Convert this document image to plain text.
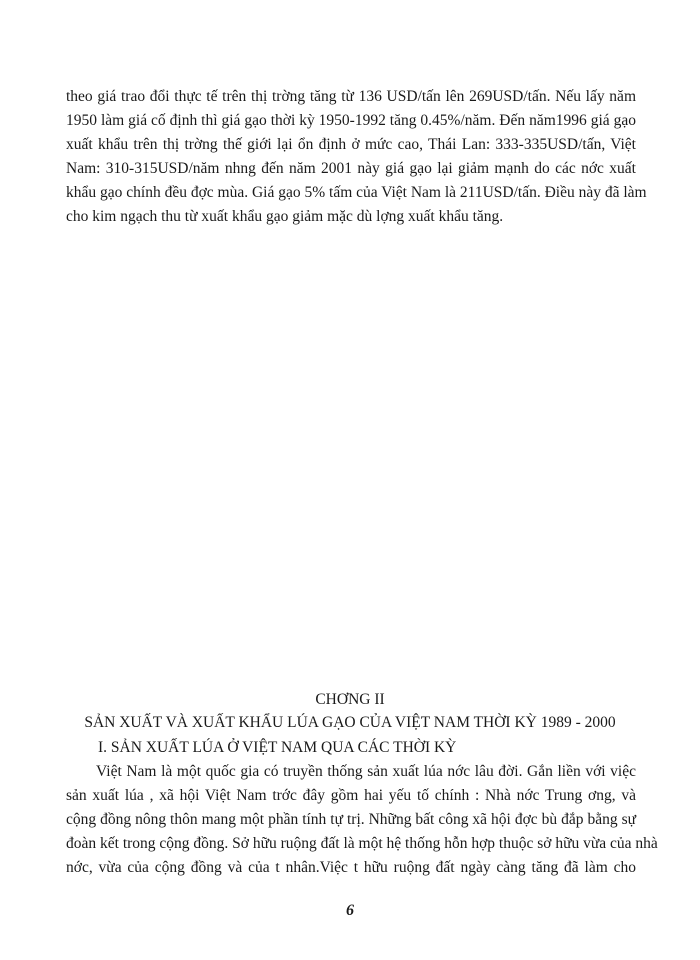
theo giá trao đổi thực tế trên thị trờng tăng từ 136 USD/tấn lên 269USD/tấn. Nếu lấy năm
1950 làm giá cố định thì giá gạo thời kỳ 1950-1992 tăng 0.45%/năm. Đến năm1996 giá gạo
xuất khẩu trên thị trờng thế giới lại ổn định ở mức cao, Thái Lan: 333-335USD/tấn, Việt
Nam: 310-315USD/năm nhng đến năm 2001 này giá gạo lại giảm mạnh do các nớc xuất
khẩu gạo chính đều đợc mùa. Giá gạo 5% tấm của Việt Nam là 211USD/tấn. Điều này đã làm
cho kim ngạch thu từ xuất khẩu gạo giảm mặc dù lợng xuất khẩu tăng.
CHƠNG II
SẢN XUẤT VÀ XUẤT KHẨU LÚA GẠO CỦA VIỆT NAM THỜI KỲ 1989 - 2000
I. SẢN XUẤT LÚA Ở VIỆT NAM QUA CÁC THỜI KỲ
Việt Nam là một quốc gia có truyền thống sản xuất lúa nớc lâu đời. Gắn liền với việc
sản xuất lúa , xã hội Việt Nam trớc đây gồm hai yếu tố chính : Nhà nớc Trung ơng, và
cộng đồng nông thôn mang một phần tính tự trị. Những bất công xã hội đợc bù đắp bằng sự
đoàn kết trong cộng đồng. Sở hữu ruộng đất là một hệ thống hỗn hợp thuộc sở hữu vừa của nhà
nớc, vừa của cộng đồng và của t nhân.Việc t hữu ruộng đất ngày càng tăng đã làm cho
6
